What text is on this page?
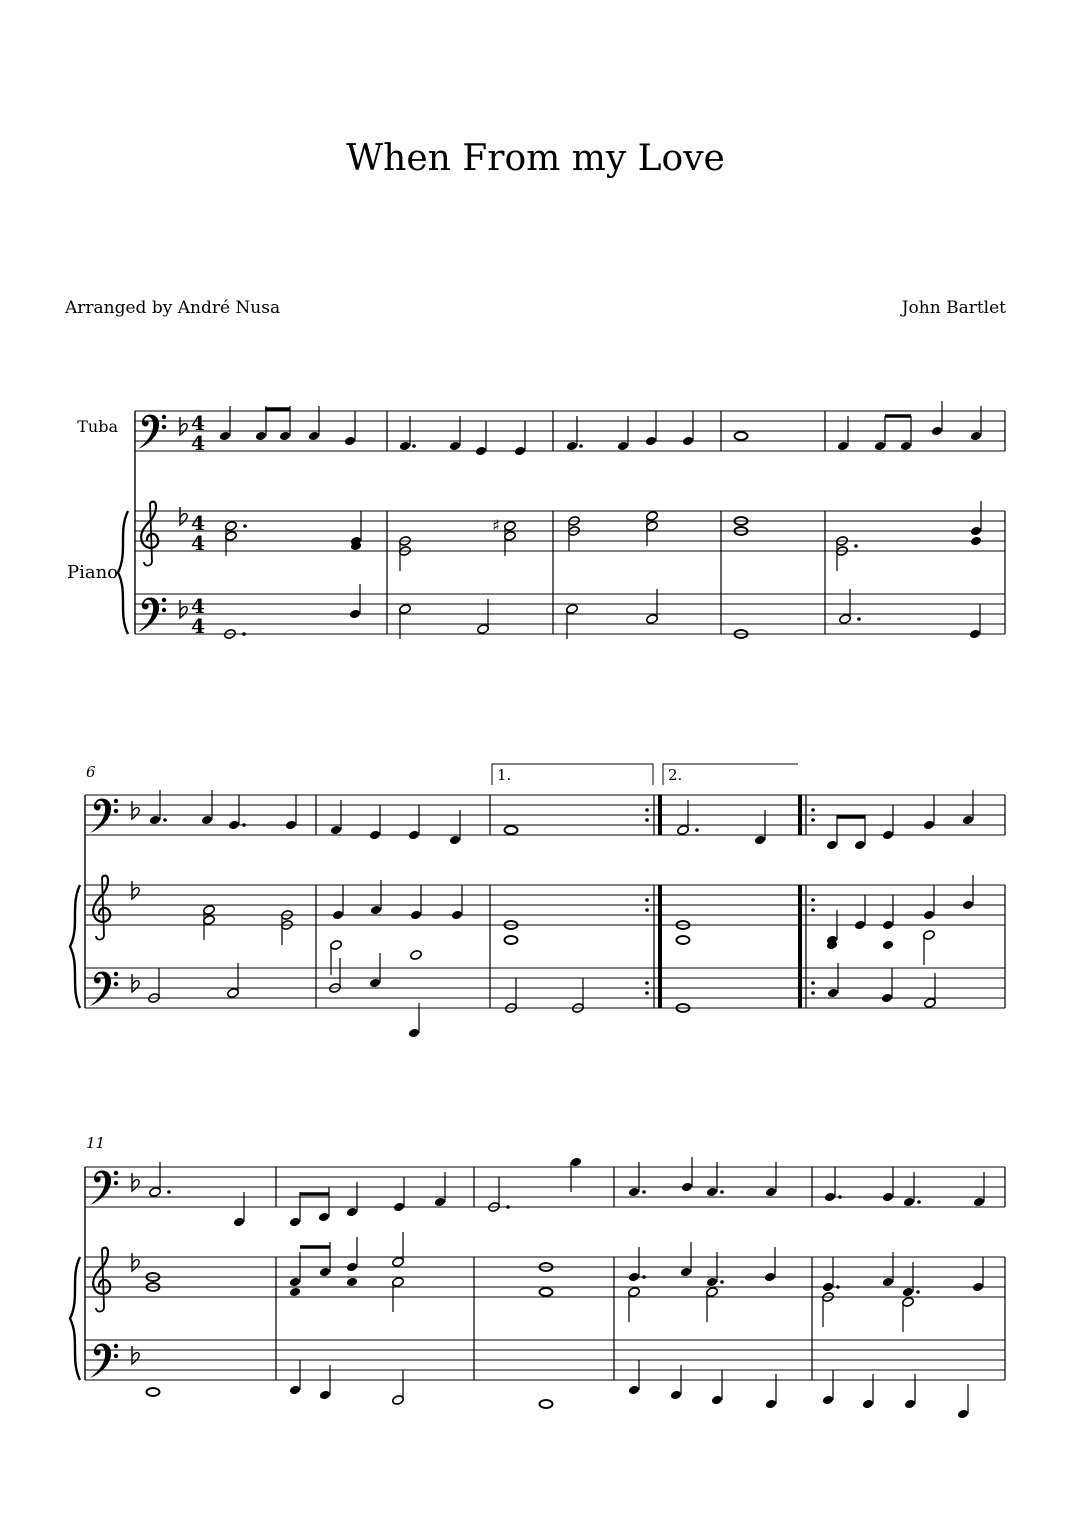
When From my Love
Arranged by André Nusa	John Bartlet
4
4
4
4
4
4
Tuba
Piano
♯
6	1.	2.
11
